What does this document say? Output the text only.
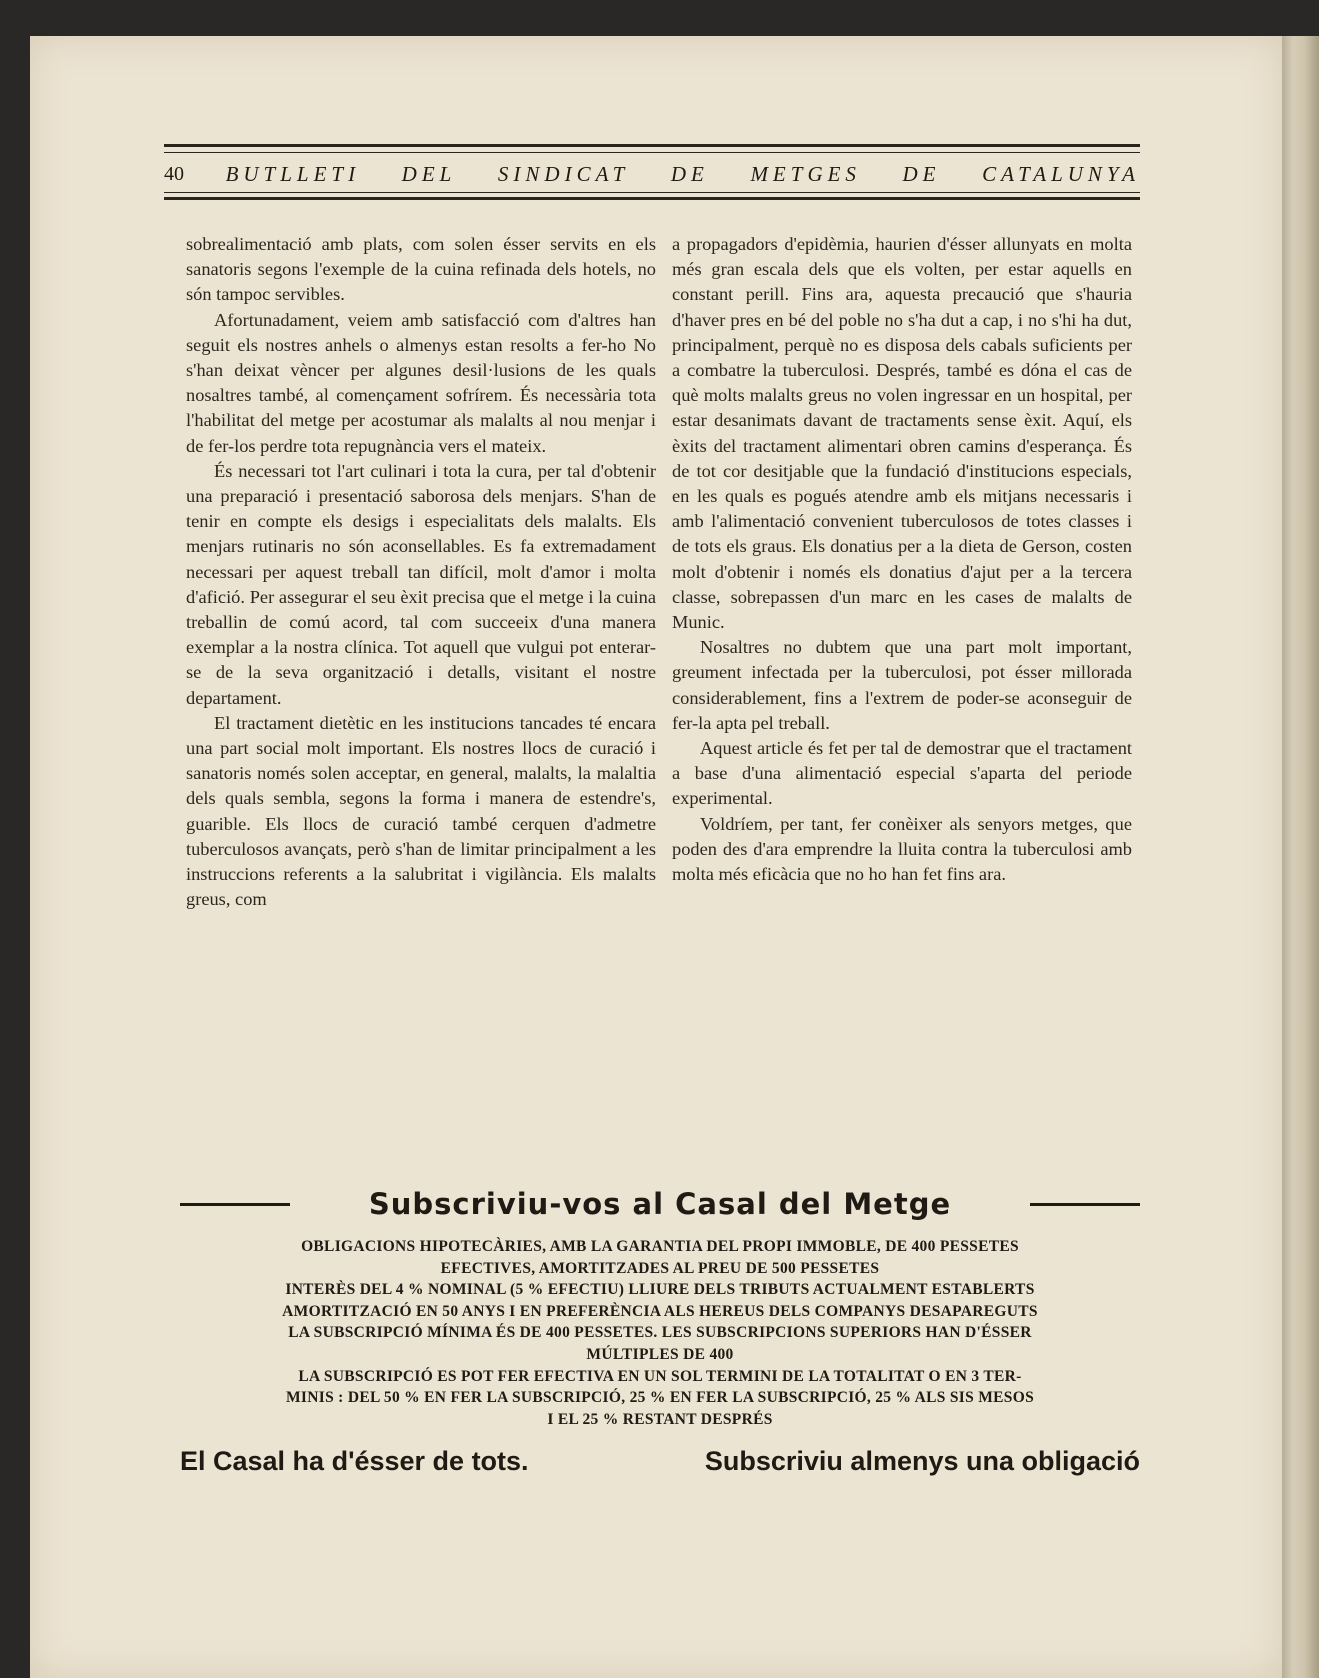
40 BUTLLETI DEL SINDICAT DE METGES DE CATALUNYA

sobrealimentació amb plats, com solen ésser servits en els sanatoris segons l'exemple de la cuina refinada dels hotels, no són tampoc servibles.

Afortunadament, veiem amb satisfacció com d'altres han seguit els nostres anhels o almenys estan resolts a fer-ho No s'han deixat vèncer per algunes desil·lusions de les quals nosaltres també, al començament sofrírem. És necessària tota l'habilitat del metge per acostumar als malalts al nou menjar i de fer-los perdre tota repugnància vers el mateix.

És necessari tot l'art culinari i tota la cura, per tal d'obtenir una preparació i presentació saborosa dels menjars. S'han de tenir en compte els desigs i especialitats dels malalts. Els menjars rutinaris no són aconsellables. Es fa extremadament necessari per aquest treball tan difícil, molt d'amor i molta d'afició. Per assegurar el seu èxit precisa que el metge i la cuina treballin de comú acord, tal com succeeix d'una manera exemplar a la nostra clínica. Tot aquell que vulgui pot enterar-se de la seva organització i detalls, visitant el nostre departament.

El tractament dietètic en les institucions tancades té encara una part social molt important. Els nostres llocs de curació i sanatoris només solen acceptar, en general, malalts, la malaltia dels quals sembla, segons la forma i manera de estendre's, guarible. Els llocs de curació també cerquen d'admetre tuberculosos avançats, però s'han de limitar principalment a les instruccions referents a la salubritat i vigilància. Els malalts greus, com

a propagadors d'epidèmia, haurien d'ésser allunyats en molta més gran escala dels que els volten, per estar aquells en constant perill. Fins ara, aquesta precaució que s'hauria d'haver pres en bé del poble no s'ha dut a cap, i no s'hi ha dut, principalment, perquè no es disposa dels cabals suficients per a combatre la tuberculosi. Després, també es dóna el cas de què molts malalts greus no volen ingressar en un hospital, per estar desanimats davant de tractaments sense èxit. Aquí, els èxits del tractament alimentari obren camins d'esperança. És de tot cor desitjable que la fundació d'institucions especials, en les quals es pogués atendre amb els mitjans necessaris i amb l'alimentació convenient tuberculosos de totes classes i de tots els graus. Els donatius per a la dieta de Gerson, costen molt d'obtenir i només els donatius d'ajut per a la tercera classe, sobrepassen d'un marc en les cases de malalts de Munic.

Nosaltres no dubtem que una part molt important, greument infectada per la tuberculosi, pot ésser millorada considerablement, fins a l'extrem de poder-se aconseguir de fer-la apta pel treball.

Aquest article és fet per tal de demostrar que el tractament a base d'una alimentació especial s'aparta del periode experimental.

Voldríem, per tant, fer conèixer als senyors metges, que poden des d'ara emprendre la lluita contra la tuberculosi amb molta més eficàcia que no ho han fet fins ara.

Subscriviu-vos al Casal del Metge
OBLIGACIONS HIPOTECÀRIES, AMB LA GARANTIA DEL PROPI IMMOBLE, DE 400 PESSETES
EFECTIVES, AMORTITZADES AL PREU DE 500 PESSETES
INTERÈS DEL 4 % NOMINAL (5 % EFECTIU) LLIURE DELS TRIBUTS ACTUALMENT ESTABLERTS
AMORTITZACIÓ EN 50 ANYS I EN PREFERÈNCIA ALS HEREUS DELS COMPANYS DESAPAREGUTS
LA SUBSCRIPCIÓ MÍNIMA ÉS DE 400 PESSETES. LES SUBSCRIPCIONS SUPERIORS HAN D'ÉSSER
MÚLTIPLES DE 400
LA SUBSCRIPCIÓ ES POT FER EFECTIVA EN UN SOL TERMINI DE LA TOTALITAT O EN 3 TER-
MINIS : DEL 50 % EN FER LA SUBSCRIPCIÓ, 25 % EN FER LA SUBSCRIPCIÓ, 25 % ALS SIS MESOS
I EL 25 % RESTANT DESPRÉS
El Casal ha d'ésser de tots.	Subscriviu almenys una obligació
